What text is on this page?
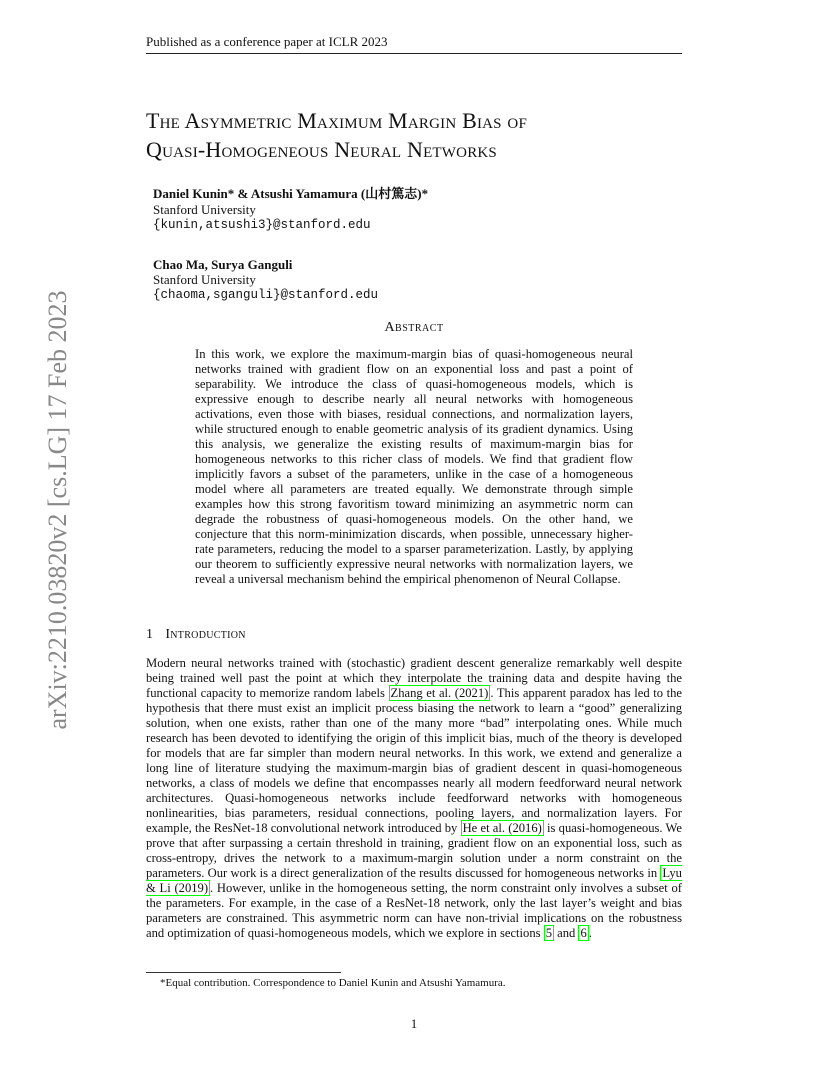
Published as a conference paper at ICLR 2023
arXiv:2210.03820v2 [cs.LG] 17 Feb 2023
The Asymmetric Maximum Margin Bias of
Quasi-Homogeneous Neural Networks
Daniel Kunin* & Atsushi Yamamura (山村篤志)*
Stanford University
{kunin,atsushi3}@stanford.edu
Chao Ma, Surya Ganguli
Stanford University
{chaoma,sganguli}@stanford.edu
Abstract
In this work, we explore the maximum-margin bias of quasi-homogeneous neural networks trained with gradient flow on an exponential loss and past a point of separability. We introduce the class of quasi-homogeneous models, which is expressive enough to describe nearly all neural networks with homogeneous activations, even those with biases, residual connections, and normalization layers, while structured enough to enable geometric analysis of its gradient dynamics. Using this analysis, we generalize the existing results of maximum-margin bias for homogeneous networks to this richer class of models. We find that gradient flow implicitly favors a subset of the parameters, unlike in the case of a homogeneous model where all parameters are treated equally. We demonstrate through simple examples how this strong favoritism toward minimizing an asymmetric norm can degrade the robustness of quasi-homogeneous models. On the other hand, we conjecture that this norm-minimization discards, when possible, unnecessary higher-rate parameters, reducing the model to a sparser parameterization. Lastly, by applying our theorem to sufficiently expressive neural networks with normalization layers, we reveal a universal mechanism behind the empirical phenomenon of Neural Collapse.
1 Introduction
Modern neural networks trained with (stochastic) gradient descent generalize remarkably well despite being trained well past the point at which they interpolate the training data and despite having the functional capacity to memorize random labels Zhang et al. (2021) . This apparent paradox has led to the hypothesis that there must exist an implicit process biasing the network to learn a “good” generalizing solution, when one exists, rather than one of the many more “bad” interpolating ones. While much research has been devoted to identifying the origin of this implicit bias, much of the theory is developed for models that are far simpler than modern neural networks. In this work, we extend and generalize a long line of literature studying the maximum-margin bias of gradient descent in quasi-homogeneous networks, a class of models we define that encompasses nearly all modern feedforward neural network architectures. Quasi-homogeneous networks include feedforward networks with homogeneous nonlinearities, bias parameters, residual connections, pooling layers, and normalization layers. For example, the ResNet-18 convolutional network introduced by He et al. (2016) is quasi-homogeneous. We prove that after surpassing a certain threshold in training, gradient flow on an exponential loss, such as cross-entropy, drives the network to a maximum-margin solution under a norm constraint on the parameters. Our work is a direct generalization of the results discussed for homogeneous networks in Lyu & Li (2019) . However, unlike in the homogeneous setting, the norm constraint only involves a subset of the parameters. For example, in the case of a ResNet-18 network, only the last layer’s weight and bias parameters are constrained. This asymmetric norm can have non-trivial implications on the robustness and optimization of quasi-homogeneous models, which we explore in sections 5 and 6 .
*Equal contribution. Correspondence to Daniel Kunin and Atsushi Yamamura.
1
